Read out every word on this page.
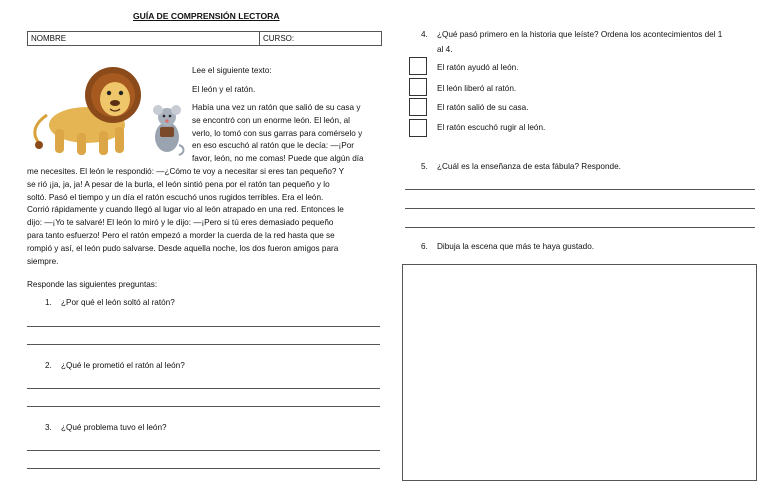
GUÍA DE COMPRENSIÓN LECTORA
NOMBRE	CURSO:
Lee el siguiente texto:
El león y el ratón.
Había una vez un ratón que salió de su casa y
se encontró con un enorme león. El león, al
verlo, lo tomó con sus garras para comérselo y
en eso escuchó al ratón que le decía: —¡Por
favor, león, no me comas! Puede que algún día
me necesites. El león le respondió: —¿Cómo te voy a necesitar si eres tan pequeño? Y
se rió ¡ja, ja, ja! A pesar de la burla, el león sintió pena por el ratón tan pequeño y lo
soltó. Pasó el tiempo y un día el ratón escuchó unos rugidos terribles. Era el león.
Corrió rápidamente y cuando llegó al lugar vio al león atrapado en una red. Entonces le
dijo: —¡Yo te salvaré! El león lo miró y le dijo: —¡Pero si tú eres demasiado pequeño
para tanto esfuerzo! Pero el ratón empezó a morder la cuerda de la red hasta que se
rompió y así, el león pudo salvarse. Desde aquella noche, los dos fueron amigos para
siempre.
Responde las siguientes preguntas:
1. ¿Por qué el león soltó al ratón?
2. ¿Qué le prometió el ratón al león?
3. ¿Qué problema tuvo el león?
4. ¿Qué pasó primero en la historia que leíste? Ordena los acontecimientos del 1
al 4.
El ratón ayudó al león.
El león liberó al ratón.
El ratón salió de su casa.
El ratón escuchó rugir al león.
5. ¿Cuál es la enseñanza de esta fábula? Responde.
6. Dibuja la escena que más te haya gustado.
